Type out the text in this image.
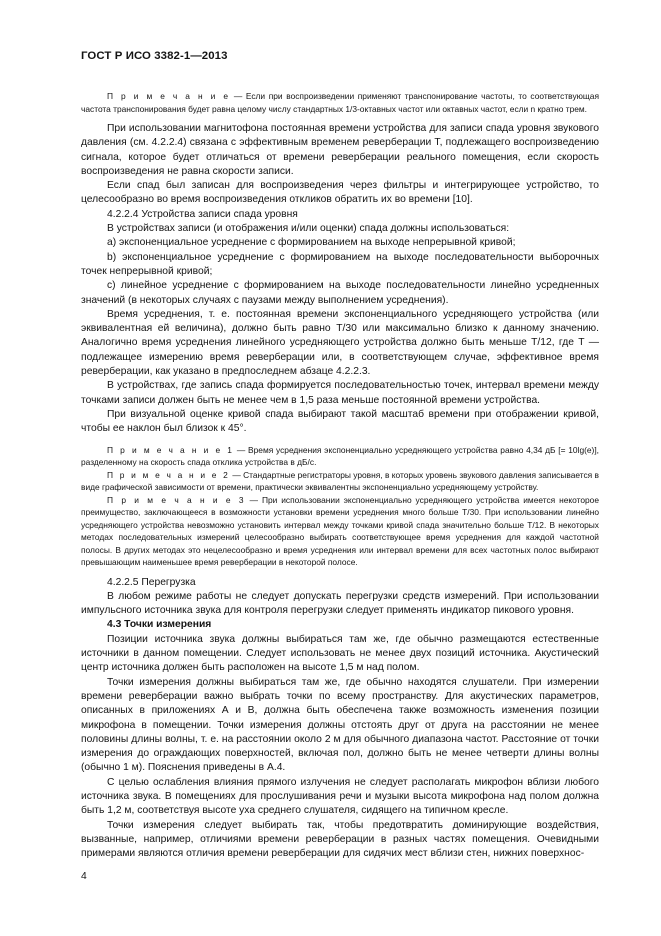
ГОСТ Р ИСО 3382-1—2013

П р и м е ч а н и е — Если при воспроизведении применяют транспонирование частоты, то соответствующая частота транспонирования будет равна целому числу стандартных 1/3-октавных частот или октавных частот, если n кратно трем.

При использовании магнитофона постоянная времени устройства для записи спада уровня звукового давления (см. 4.2.2.4) связана с эффективным временем реверберации T, подлежащего воспроизведению сигнала, которое будет отличаться от времени реверберации реального помещения, если скорость воспроизведения не равна скорости записи.

Если спад был записан для воспроизведения через фильтры и интегрирующее устройство, то целесообразно во время воспроизведения откликов обратить их во времени [10].

4.2.2.4 Устройства записи спада уровня

В устройствах записи (и отображения и/или оценки) спада должны использоваться:

a) экспоненциальное усреднение с формированием на выходе непрерывной кривой;

b) экспоненциальное усреднение с формированием на выходе последовательности выборочных точек непрерывной кривой;

c) линейное усреднение с формированием на выходе последовательности линейно усредненных значений (в некоторых случаях с паузами между выполнением усреднения).

Время усреднения, т. е. постоянная времени экспоненциального усредняющего устройства (или эквивалентная ей величина), должно быть равно T/30 или максимально близко к данному значению. Аналогично время усреднения линейного усредняющего устройства должно быть меньше T/12, где T — подлежащее измерению время реверберации или, в соответствующем случае, эффективное время реверберации, как указано в предпоследнем абзаце 4.2.2.3.

В устройствах, где запись спада формируется последовательностью точек, интервал времени между точками записи должен быть не менее чем в 1,5 раза меньше постоянной времени устройства.

При визуальной оценке кривой спада выбирают такой масштаб времени при отображении кривой, чтобы ее наклон был близок к 45°.

П р и м е ч а н и е 1 — Время усреднения экспоненциально усредняющего устройства равно 4,34 дБ [= 10lg(e)], разделенному на скорость спада отклика устройства в дБ/с.

П р и м е ч а н и е 2 — Стандартные регистраторы уровня, в которых уровень звукового давления записывается в виде графической зависимости от времени, практически эквивалентны экспоненциально усредняющему устройству.

П р и м е ч а н и е 3 — При использовании экспоненциально усредняющего устройства имеется некоторое преимущество, заключающееся в возможности установки времени усреднения много больше T/30. При использовании линейно усредняющего устройства невозможно установить интервал между точками кривой спада значительно больше T/12. В некоторых методах последовательных измерений целесообразно выбирать соответствующее время усреднения для каждой частотной полосы. В других методах это нецелесообразно и время усреднения или интервал времени для всех частотных полос выбирают превышающим наименьшее время реверберации в некоторой полосе.

4.2.2.5 Перегрузка

В любом режиме работы не следует допускать перегрузки средств измерений. При использовании импульсного источника звука для контроля перегрузки следует применять индикатор пикового уровня.

4.3 Точки измерения

Позиции источника звука должны выбираться там же, где обычно размещаются естественные источники в данном помещении. Следует использовать не менее двух позиций источника. Акустический центр источника должен быть расположен на высоте 1,5 м над полом.

Точки измерения должны выбираться там же, где обычно находятся слушатели. При измерении времени реверберации важно выбрать точки по всему пространству. Для акустических параметров, описанных в приложениях А и В, должна быть обеспечена также возможность изменения позиции микрофона в помещении. Точки измерения должны отстоять друг от друга на расстоянии не менее половины длины волны, т. е. на расстоянии около 2 м для обычного диапазона частот. Расстояние от точки измерения до ограждающих поверхностей, включая пол, должно быть не менее четверти длины волны (обычно 1 м). Пояснения приведены в А.4.

С целью ослабления влияния прямого излучения не следует располагать микрофон вблизи любого источника звука. В помещениях для прослушивания речи и музыки высота микрофона над полом должна быть 1,2 м, соответствуя высоте уха среднего слушателя, сидящего на типичном кресле.

Точки измерения следует выбирать так, чтобы предотвратить доминирующие воздействия, вызванные, например, отличиями времени реверберации в разных частях помещения. Очевидными примерами являются отличия времени реверберации для сидячих мест вблизи стен, нижних поверхнос-

4
